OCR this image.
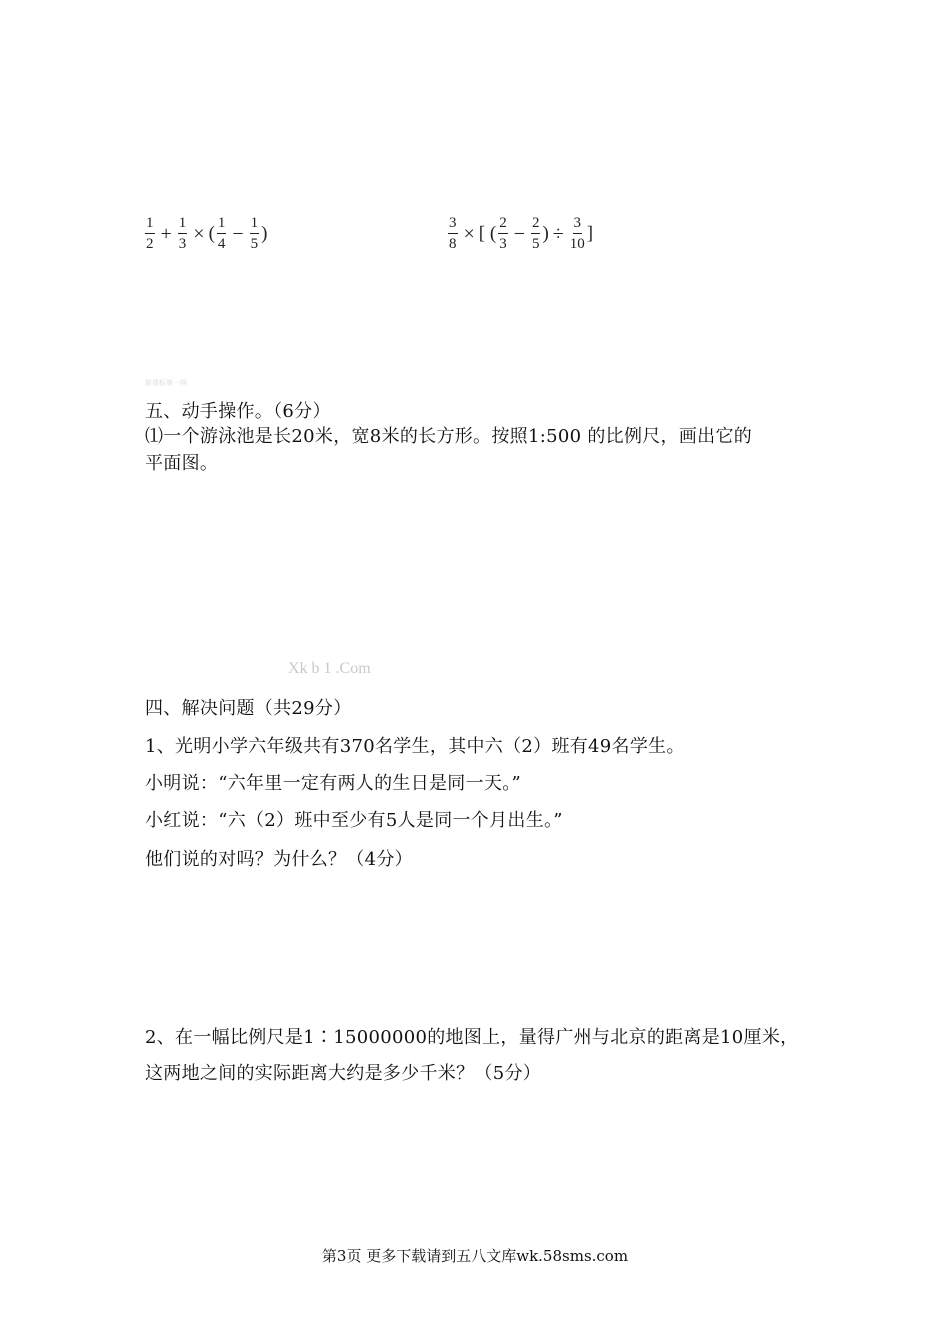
$\frac{1}{2} + \frac{1}{3}$ × ( $\frac{1}{4} - \frac{1}{5}$ )	$\frac{3}{8}$ × [ ( $\frac{2}{3} - \frac{2}{5}$ ) ÷ $\frac{3}{10}$ ]
新课标第一网
五、动手操作。（6分）
⑴一个游泳池是长20米，宽8米的长方形。按照1:500 的比例尺，画出它的
平面图。
Xk b 1 .Com
四、解决问题（共29分）
1、光明小学六年级共有370名学生，其中六（2）班有49名学生。
小明说：“六年里一定有两人的生日是同一天。”
小红说：“六（2）班中至少有5人是同一个月出生。”
他们说的对吗？为什么？（4分）
2、在一幅比例尺是1∶15000000的地图上，量得广州与北京的距离是10厘米，
这两地之间的实际距离大约是多少千米？（5分）
第3页 更多下载请到五八文库wk.58sms.com
